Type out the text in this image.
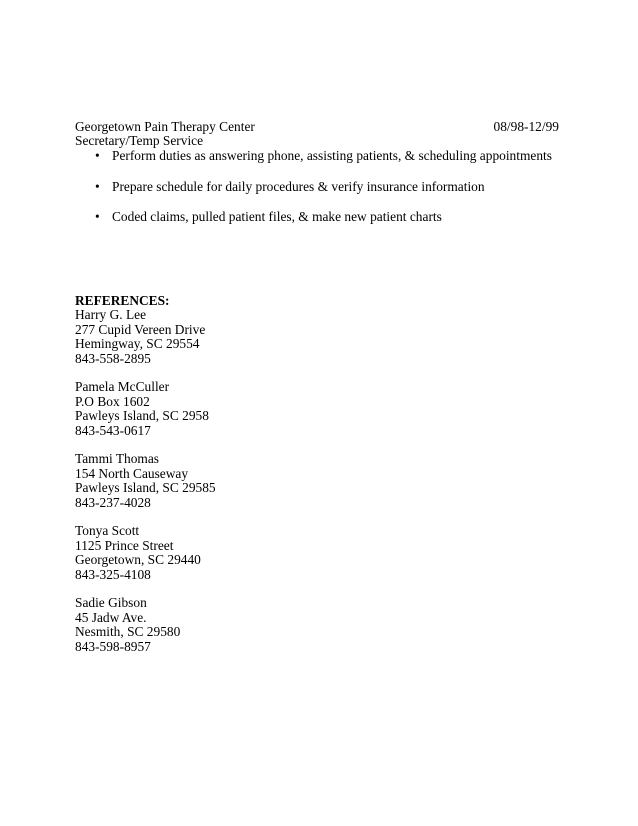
Georgetown Pain Therapy Center	08/98-12/99
Secretary/Temp Service
• Perform duties as answering phone, assisting patients, & scheduling appointments
• Prepare schedule for daily procedures & verify insurance information
• Coded claims, pulled patient files, & make new patient charts
REFERENCES:
Harry G. Lee
277 Cupid Vereen Drive
Hemingway, SC 29554
843-558-2895
Pamela McCuller
P.O Box 1602
Pawleys Island, SC 2958
843-543-0617
Tammi Thomas
154 North Causeway
Pawleys Island, SC 29585
843-237-4028
Tonya Scott
1125 Prince Street
Georgetown, SC 29440
843-325-4108
Sadie Gibson
45 Jadw Ave.
Nesmith, SC 29580
843-598-8957
